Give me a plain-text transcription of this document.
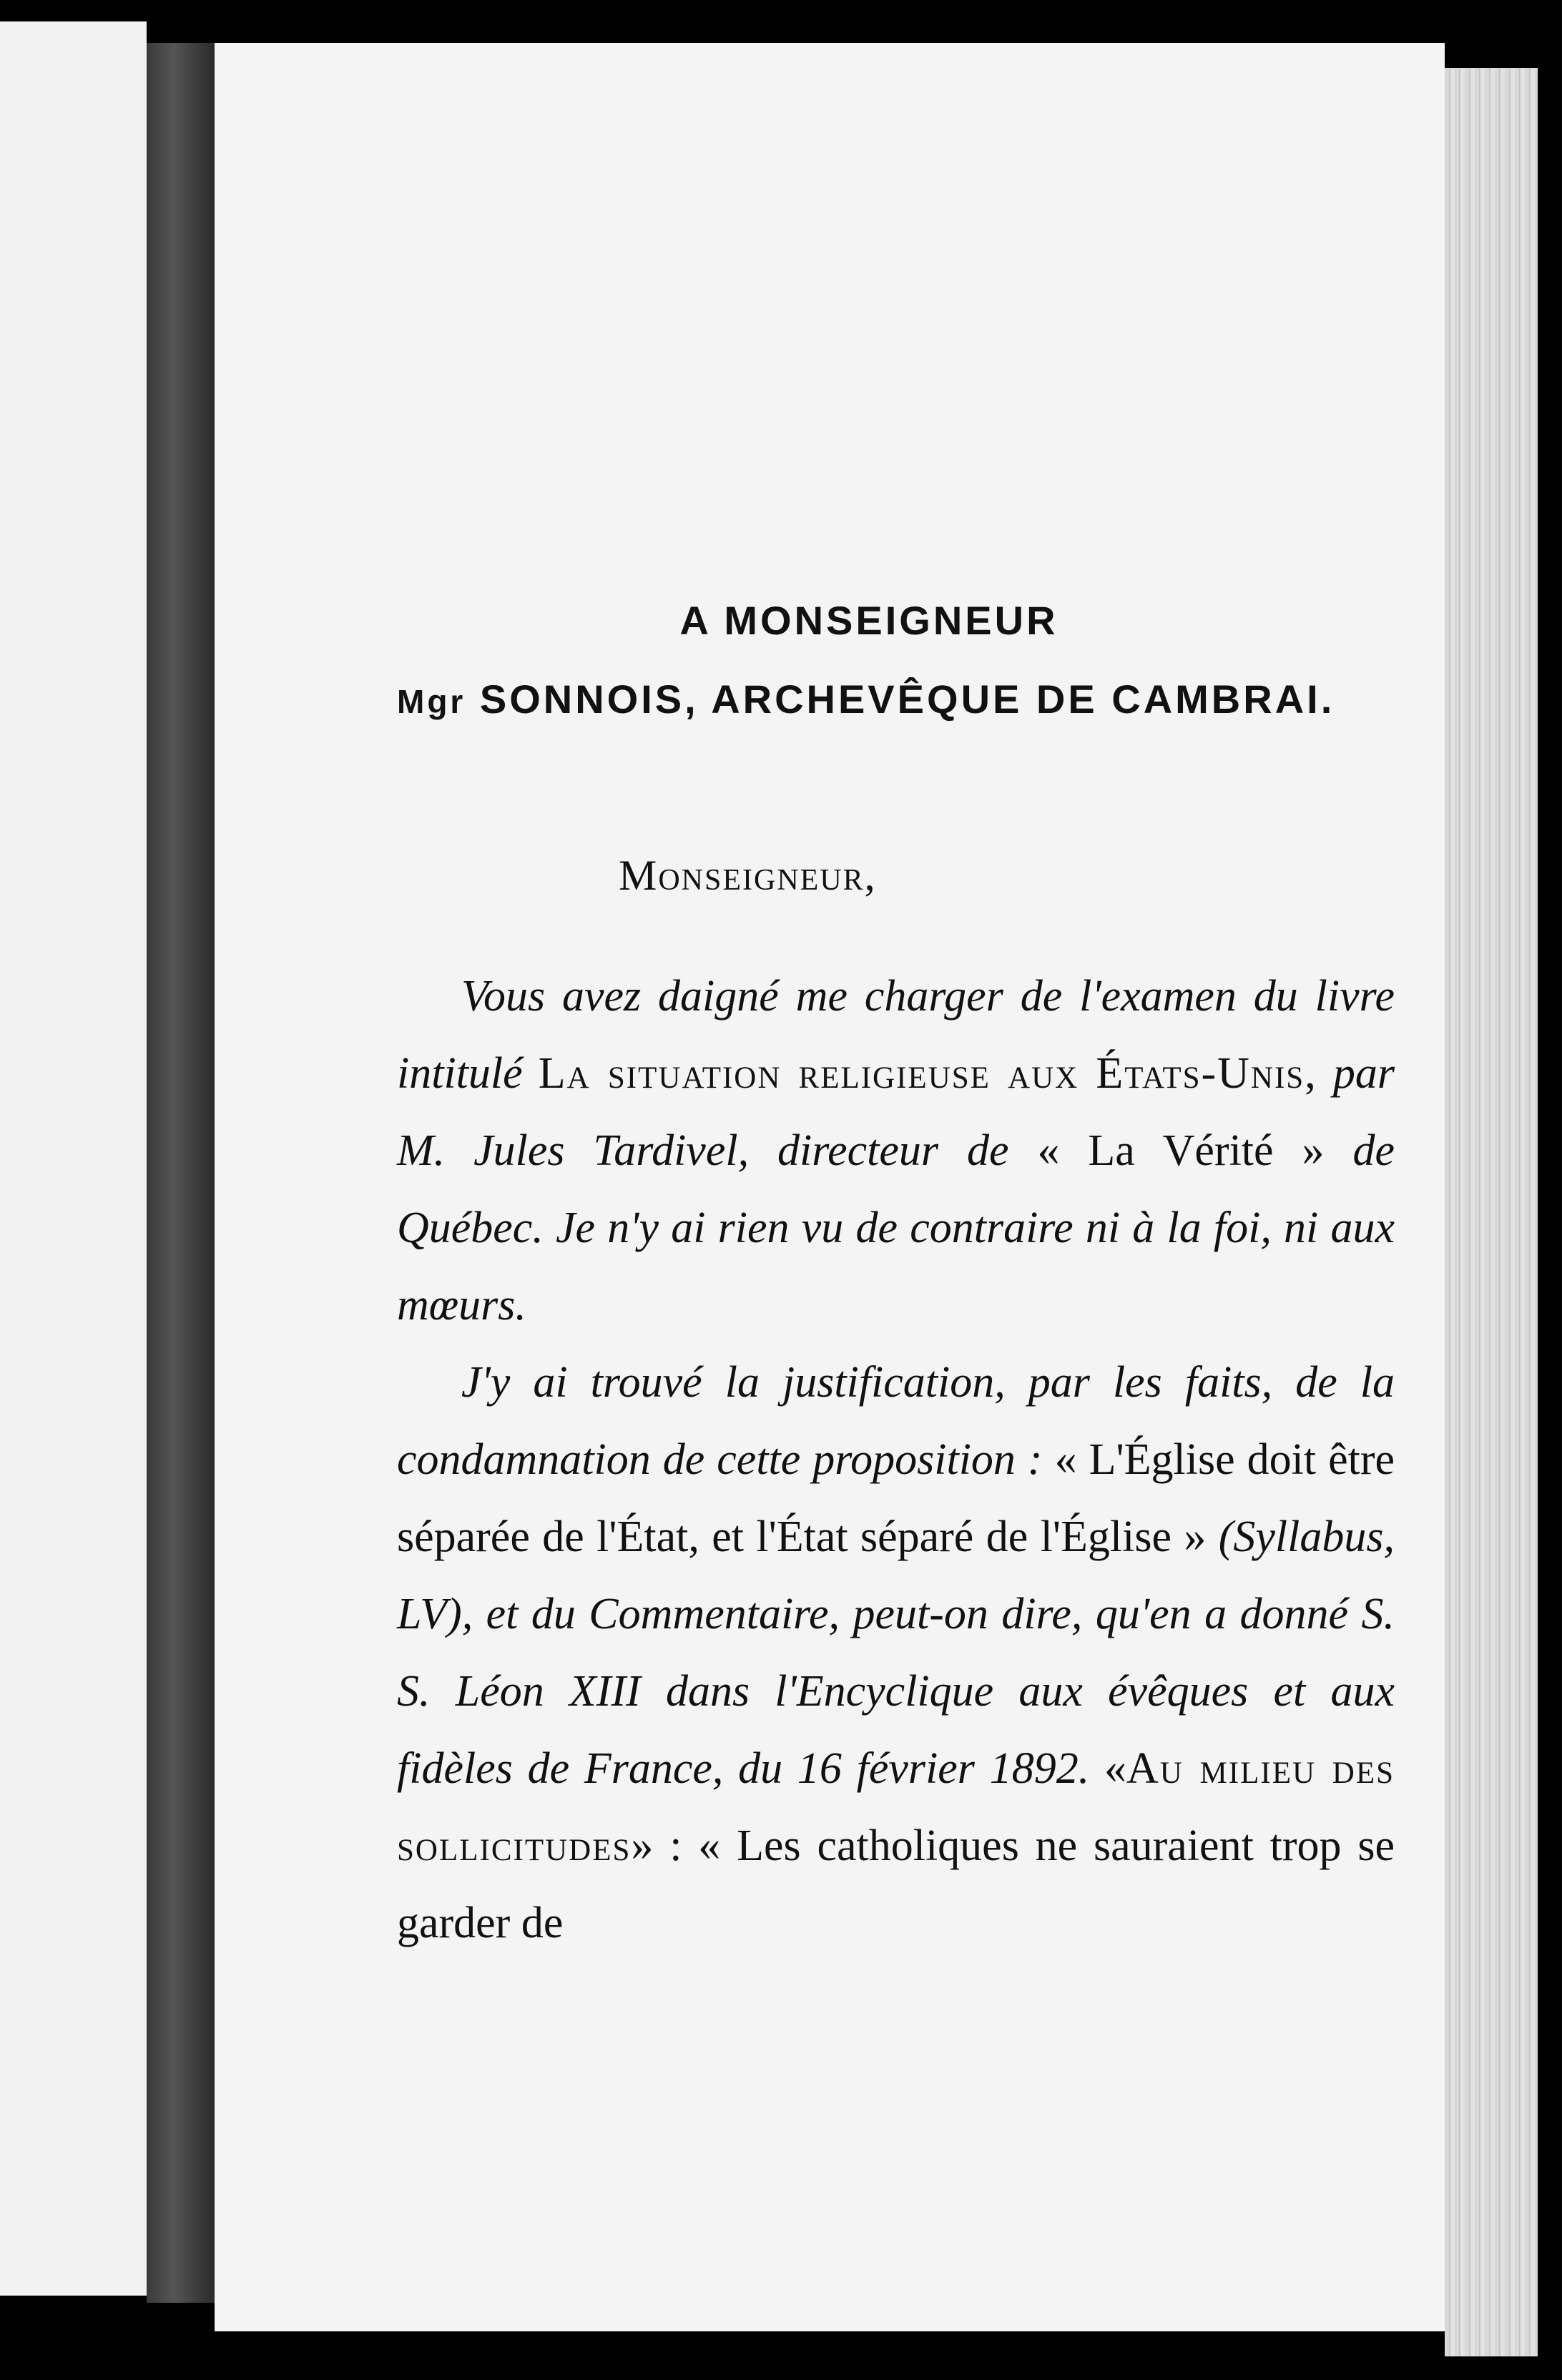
A MONSEIGNEUR
Mgr SONNOIS, ARCHEVÊQUE DE CAMBRAI.
Monseigneur,

Vous avez daigné me charger de l'examen du livre intitulé La situation religieuse aux États-Unis, par M. Jules Tardivel, directeur de « La Vérité » de Québec. Je n'y ai rien vu de contraire ni à la foi, ni aux mœurs.

J'y ai trouvé la justification, par les faits, de la condamnation de cette proposition : « L'Église doit être séparée de l'État, et l'État séparé de l'Église » (Syllabus, LV), et du Commentaire, peut-on dire, qu'en a donné S. S. Léon XIII dans l'Encyclique aux évêques et aux fidèles de France, du 16 février 1892. «Au milieu des sollicitudes» : « Les catholiques ne sauraient trop se garder de
